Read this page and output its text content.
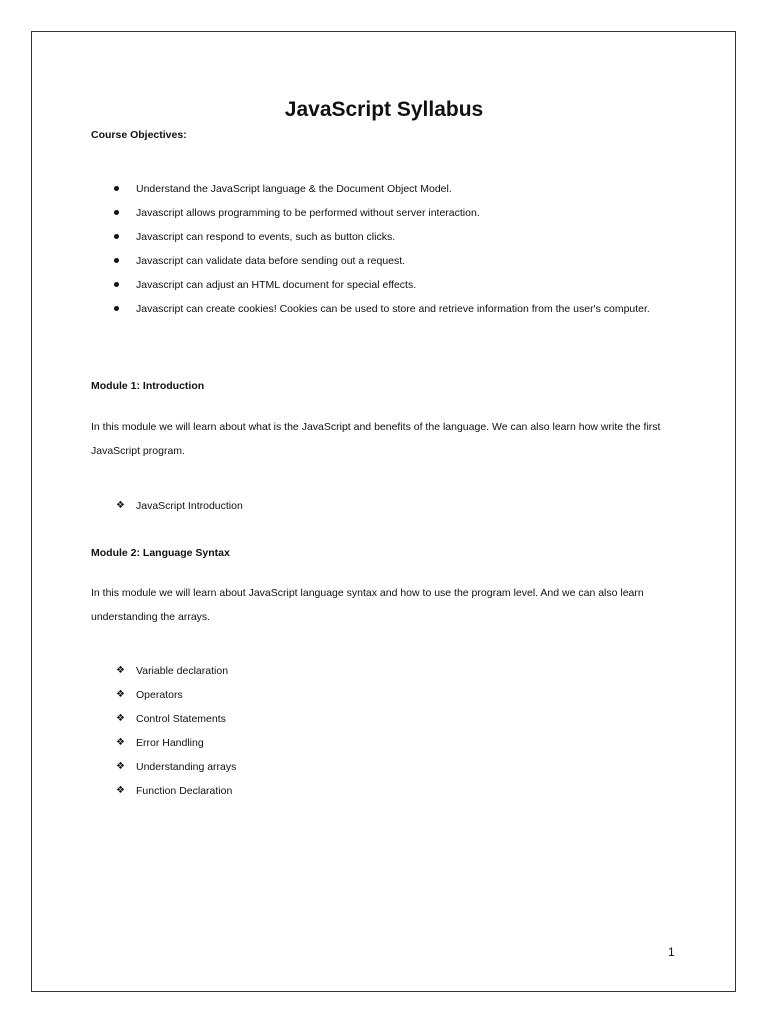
JavaScript Syllabus
Course Objectives:
Understand the JavaScript language & the Document Object Model.
Javascript allows programming to be performed without server interaction.
Javascript can respond to events, such as button clicks.
Javascript can validate data before sending out a request.
Javascript can adjust an HTML document for special effects.
Javascript can create cookies! Cookies can be used to store and retrieve information from the user's computer.
Module 1: Introduction

In this module we will learn about what is the JavaScript and benefits of the language. We can also learn how write the first JavaScript program.

❖ JavaScript Introduction
Module 2: Language Syntax

In this module we will learn about JavaScript language syntax and how to use the program level. And we can also learn understanding the arrays.

❖ Variable declaration
❖ Operators
❖ Control Statements
❖ Error Handling
❖ Understanding arrays
❖ Function Declaration
1
